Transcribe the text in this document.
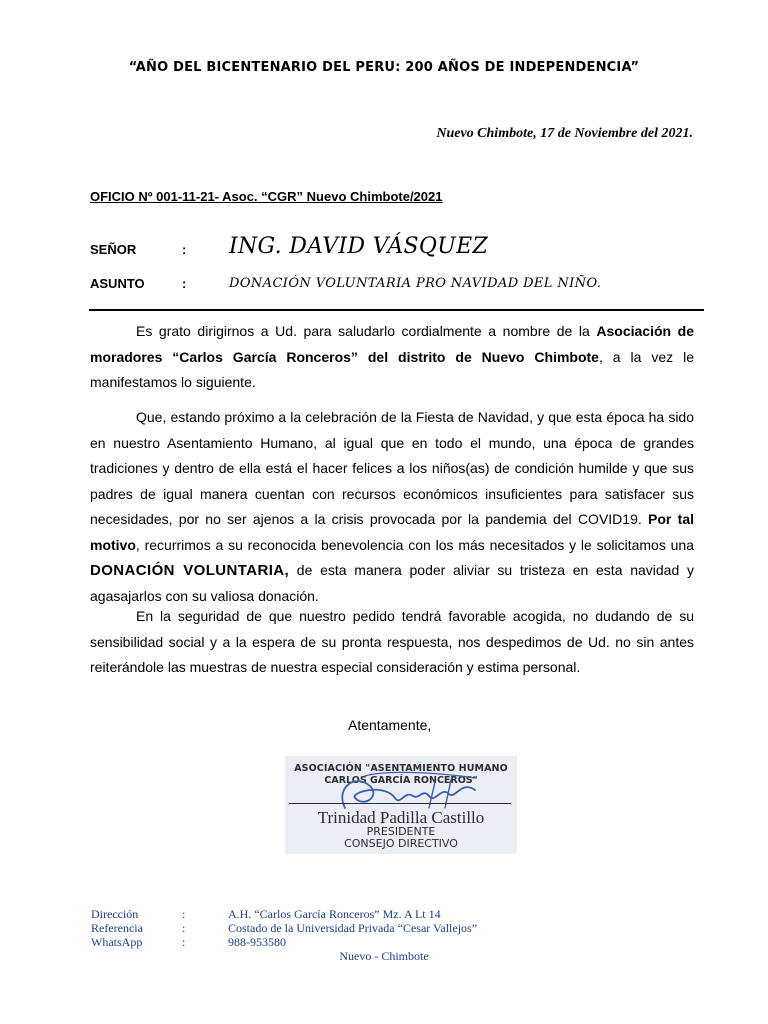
“AÑO DEL BICENTENARIO DEL PERU: 200 AÑOS DE INDEPENDENCIA”
Nuevo Chimbote, 17 de Noviembre del 2021.
OFICIO Nº 001-11-21- Asoc. “CGR” Nuevo Chimbote/2021
SEÑOR	: ING. DAVID VÁSQUEZ
ASUNTO	:	DONACIÓN VOLUNTARIA PRO NAVIDAD DEL NIÑO.

Es grato dirigirnos a Ud. para saludarlo cordialmente a nombre de la Asociación de moradores “Carlos García Ronceros” del distrito de Nuevo Chimbote, a la vez le manifestamos lo siguiente.

Que, estando próximo a la celebración de la Fiesta de Navidad, y que esta época ha sido en nuestro Asentamiento Humano, al igual que en todo el mundo, una época de grandes tradiciones y dentro de ella está el hacer felices a los niños(as) de condición humilde y que sus padres de igual manera cuentan con recursos económicos insuficientes para satisfacer sus necesidades, por no ser ajenos a la crisis provocada por la pandemia del COVID19. Por tal motivo, recurrimos a su reconocida benevolencia con los más necesitados y le solicitamos una DONACIÓN VOLUNTARIA, de esta manera poder aliviar su tristeza en esta navidad y agasajarlos con su valiosa donación.

En la seguridad de que nuestro pedido tendrá favorable acogida, no dudando de su sensibilidad social y a la espera de su pronta respuesta, nos despedimos de Ud. no sin antes reiterándole las muestras de nuestra especial consideración y estima personal.

Atentamente,
ASOCIACIÓN "ASENTAMIENTO HUMANO
CARLOS GARCÍA RONCEROS"
Trinidad Padilla Castillo
PRESIDENTE
CONSEJO DIRECTIVO
Dirección	:	A.H. “Carlos García Ronceros” Mz. A Lt 14
Referencia	:	Costado de la Universidad Privada “Cesar Vallejos”
WhatsApp	:	988-953580
Nuevo - Chimbote
